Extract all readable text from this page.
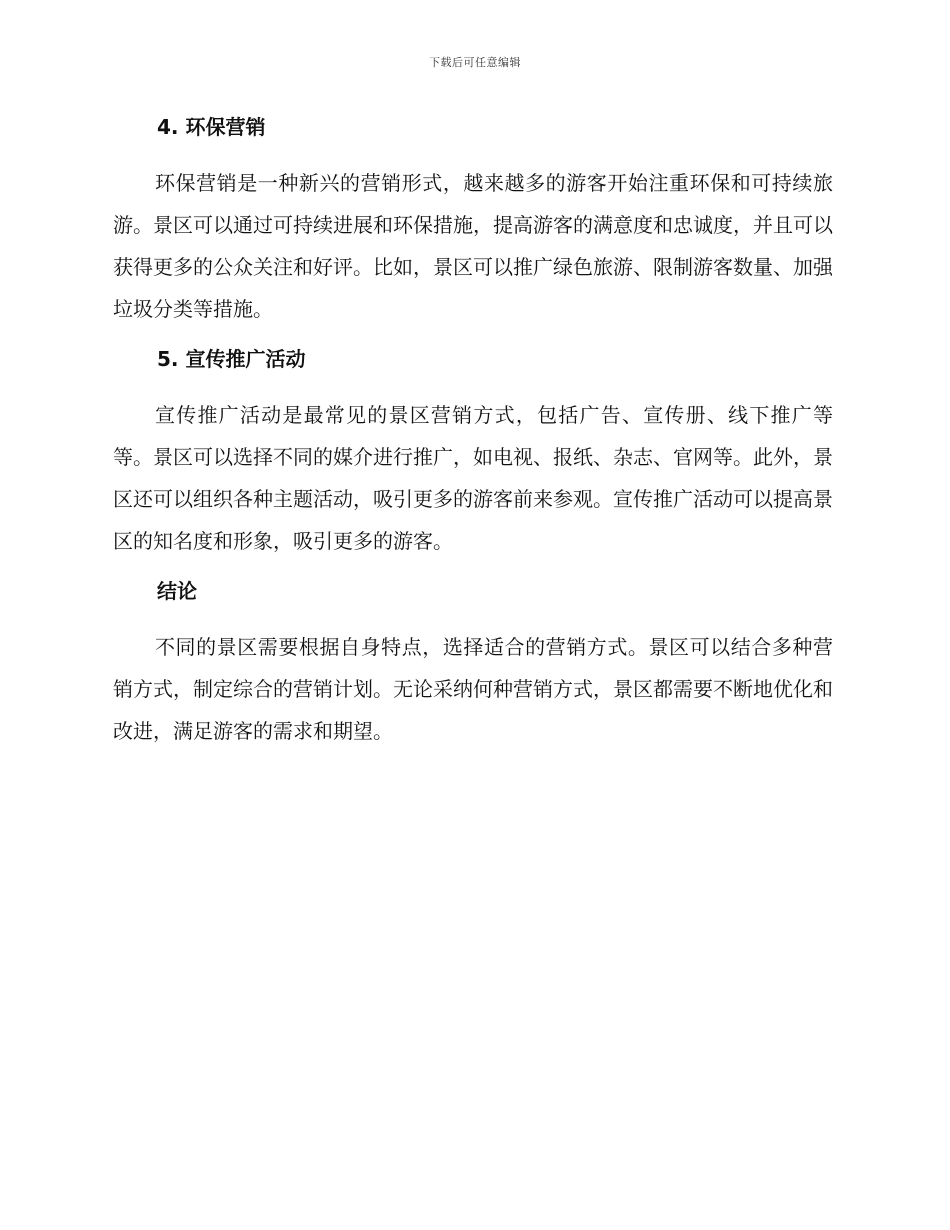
下载后可任意编辑
4. 环保营销

环保营销是一种新兴的营销形式，越来越多的游客开始注重环保和可持续旅游。景区可以通过可持续进展和环保措施，提高游客的满意度和忠诚度，并且可以获得更多的公众关注和好评。比如，景区可以推广绿色旅游、限制游客数量、加强垃圾分类等措施。

5. 宣传推广活动

宣传推广活动是最常见的景区营销方式，包括广告、宣传册、线下推广等等。景区可以选择不同的媒介进行推广，如电视、报纸、杂志、官网等。此外，景区还可以组织各种主题活动，吸引更多的游客前来参观。宣传推广活动可以提高景区的知名度和形象，吸引更多的游客。

结论

不同的景区需要根据自身特点，选择适合的营销方式。景区可以结合多种营销方式，制定综合的营销计划。无论采纳何种营销方式，景区都需要不断地优化和改进，满足游客的需求和期望。
